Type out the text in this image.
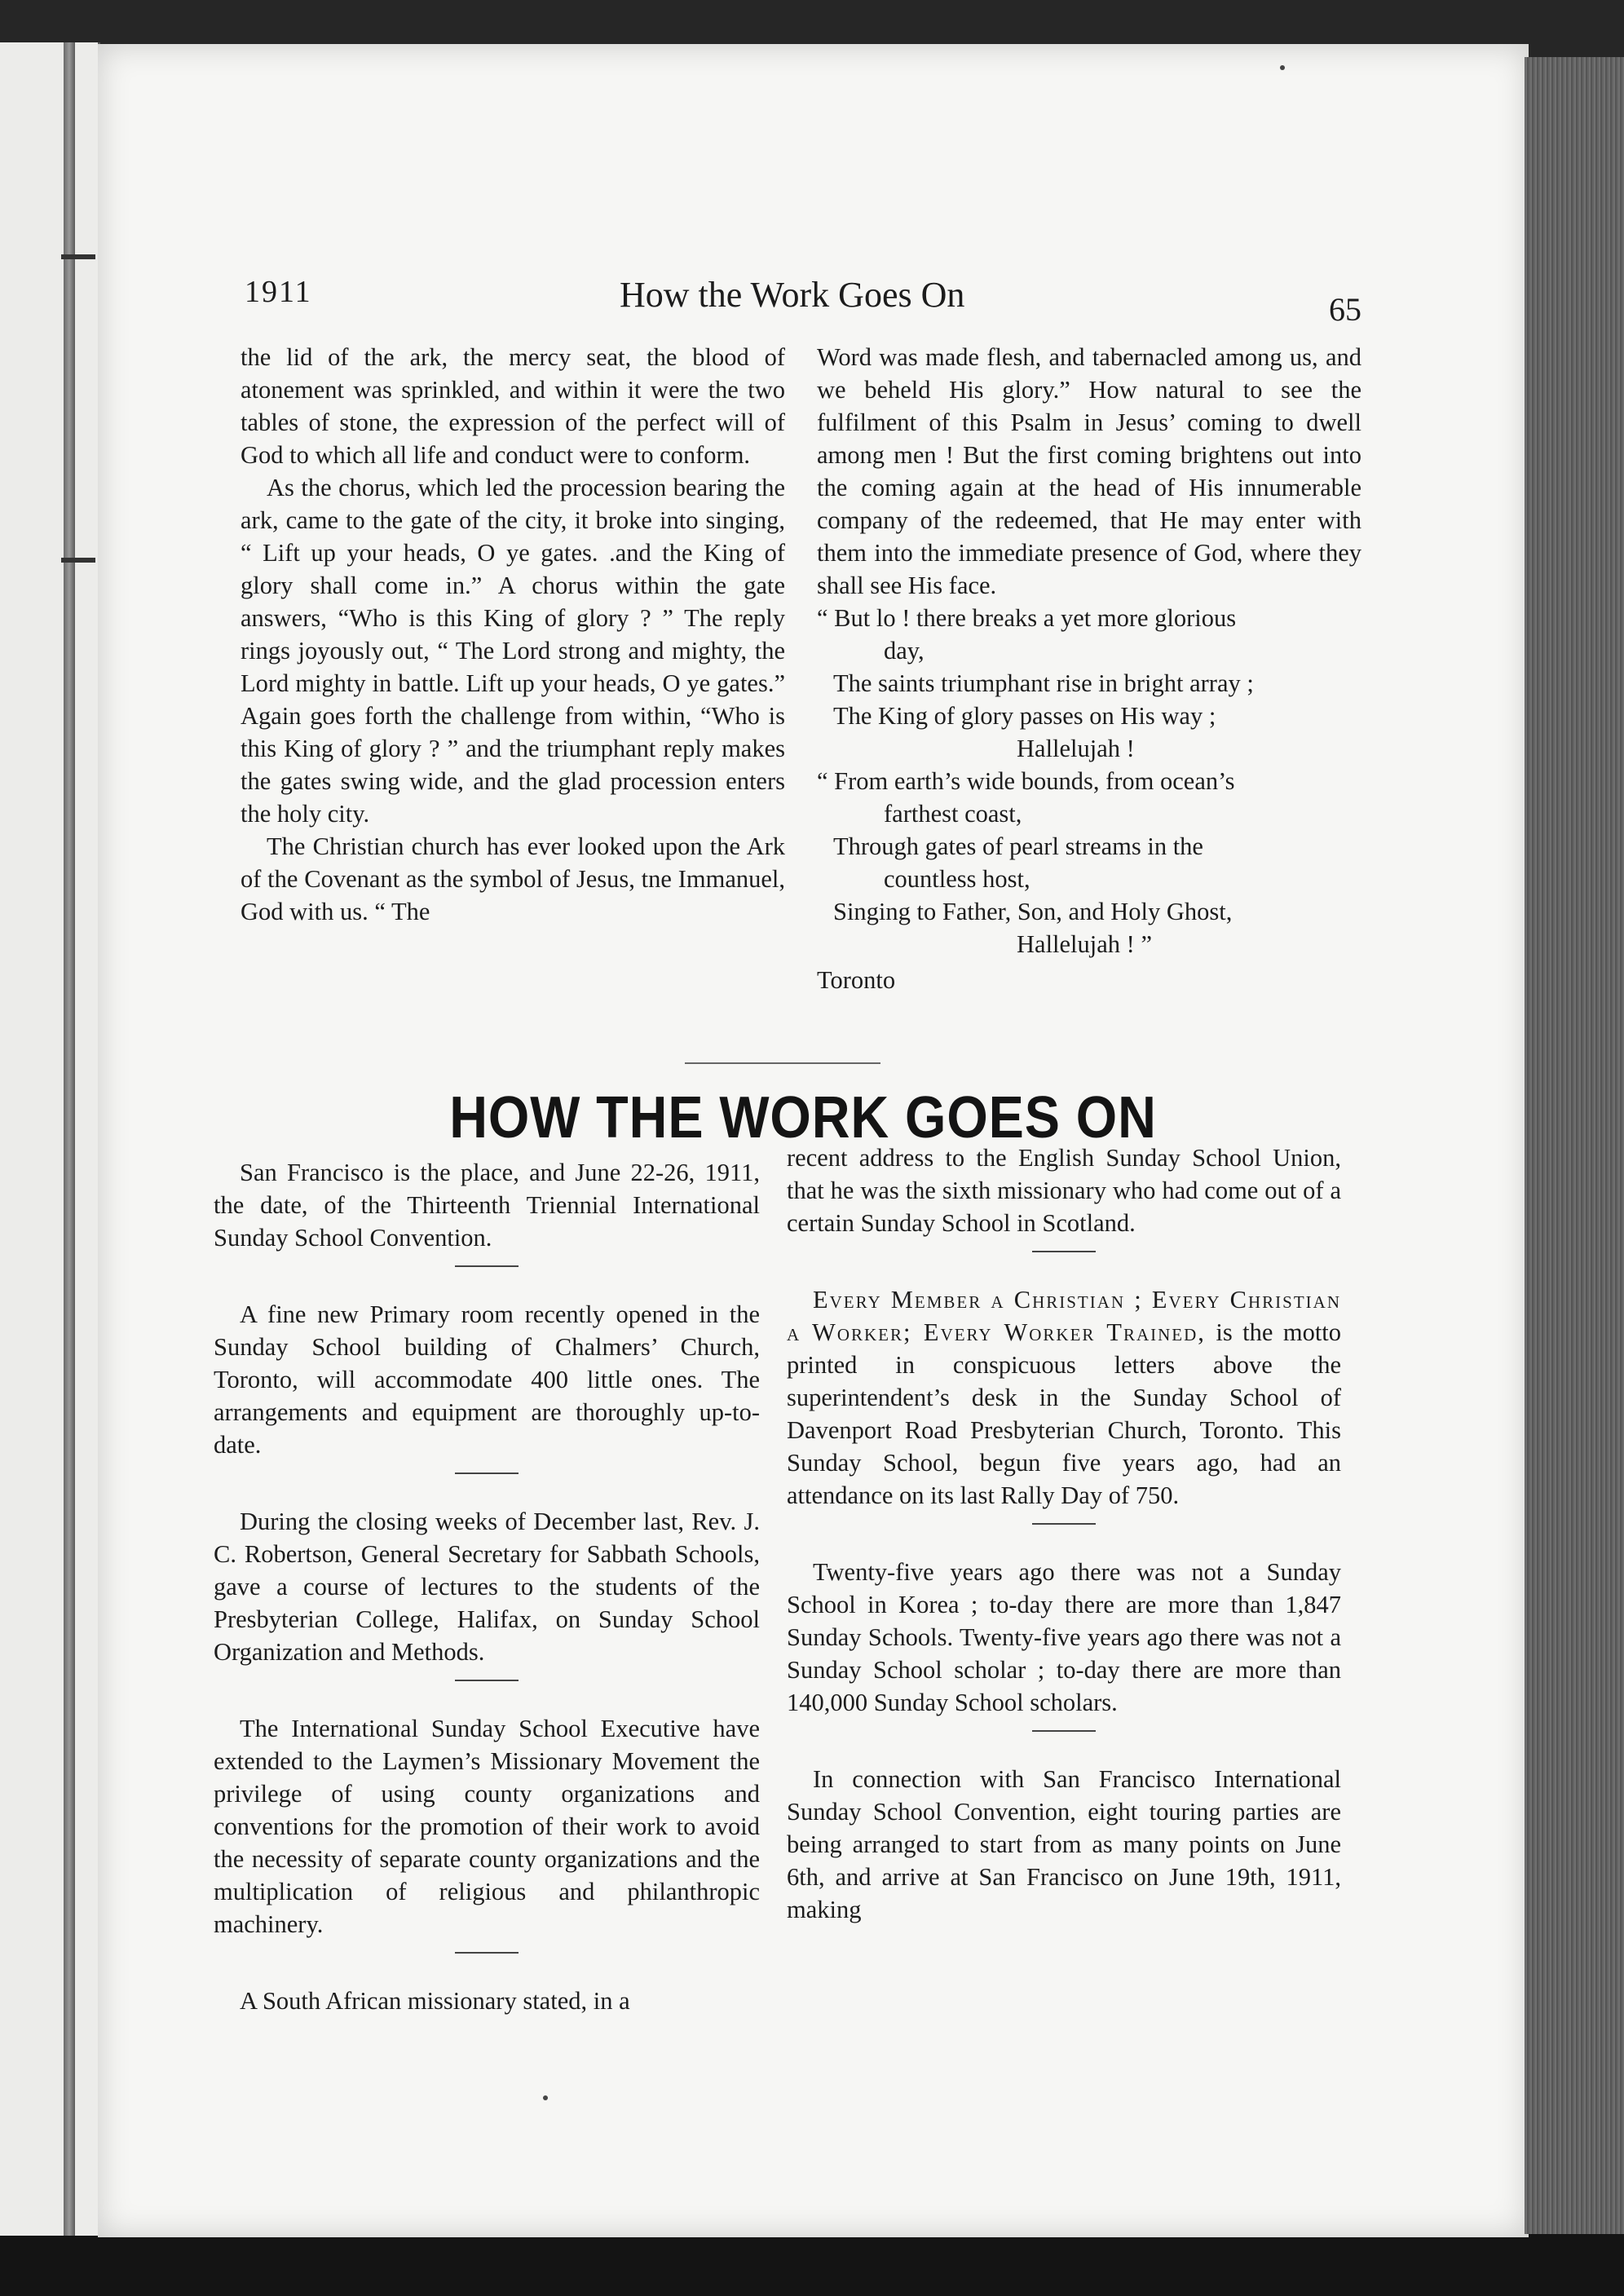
1911	How the Work Goes On	65

the lid of the ark, the mercy seat, the blood of atonement was sprinkled, and within it were the two tables of stone, the expression of the perfect will of God to which all life and conduct were to conform.

As the chorus, which led the procession bearing the ark, came to the gate of the city, it broke into singing, “ Lift up your heads, O ye gates. .and the King of glory shall come in.” A chorus within the gate answers, “Who is this King of glory ? ” The reply rings joyously out, “ The Lord strong and mighty, the Lord mighty in battle. Lift up your heads, O ye gates.” Again goes forth the challenge from within, “Who is this King of glory ? ” and the triumphant reply makes the gates swing wide, and the glad procession enters the holy city.

The Christian church has ever looked upon the Ark of the Covenant as the symbol of Jesus, tne Immanuel, God with us. “ The

Word was made flesh, and tabernacled among us, and we beheld His glory.” How natural to see the fulfilment of this Psalm in Jesus’ coming to dwell among men ! But the first coming brightens out into the coming again at the head of His innumerable company of the redeemed, that He may enter with them into the immediate presence of God, where they shall see His face.

“ But lo ! there breaks a yet more glorious
day,
The saints triumphant rise in bright array ;
The King of glory passes on His way ;
Hallelujah !
“ From earth’s wide bounds, from ocean’s
farthest coast,
Through gates of pearl streams in the
countless host,
Singing to Father, Son, and Holy Ghost,
Hallelujah ! ”

Toronto

HOW THE WORK GOES ON

San Francisco is the place, and June 22-26, 1911, the date, of the Thirteenth Triennial International Sunday School Convention.

A fine new Primary room recently opened in the Sunday School building of Chalmers’ Church, Toronto, will accommodate 400 little ones. The arrangements and equipment are thoroughly up-to-date.

During the closing weeks of December last, Rev. J. C. Robertson, General Secretary for Sabbath Schools, gave a course of lectures to the students of the Presbyterian College, Halifax, on Sunday School Organization and Methods.

The International Sunday School Executive have extended to the Laymen’s Missionary Movement the privilege of using county organizations and conventions for the promotion of their work to avoid the necessity of separate county organizations and the multiplication of religious and philanthropic machinery.

A South African missionary stated, in a

recent address to the English Sunday School Union, that he was the sixth missionary who had come out of a certain Sunday School in Scotland.

Every Member a Christian ; Every Christian a Worker; Every Worker Trained, is the motto printed in conspicuous letters above the superintendent’s desk in the Sunday School of Davenport Road Presbyterian Church, Toronto. This Sunday School, begun five years ago, had an attendance on its last Rally Day of 750.

Twenty-five years ago there was not a Sunday School in Korea ; to-day there are more than 1,847 Sunday Schools. Twenty-five years ago there was not a Sunday School scholar ; to-day there are more than 140,000 Sunday School scholars.

In connection with San Francisco International Sunday School Convention, eight touring parties are being arranged to start from as many points on June 6th, and arrive at San Francisco on June 19th, 1911, making
